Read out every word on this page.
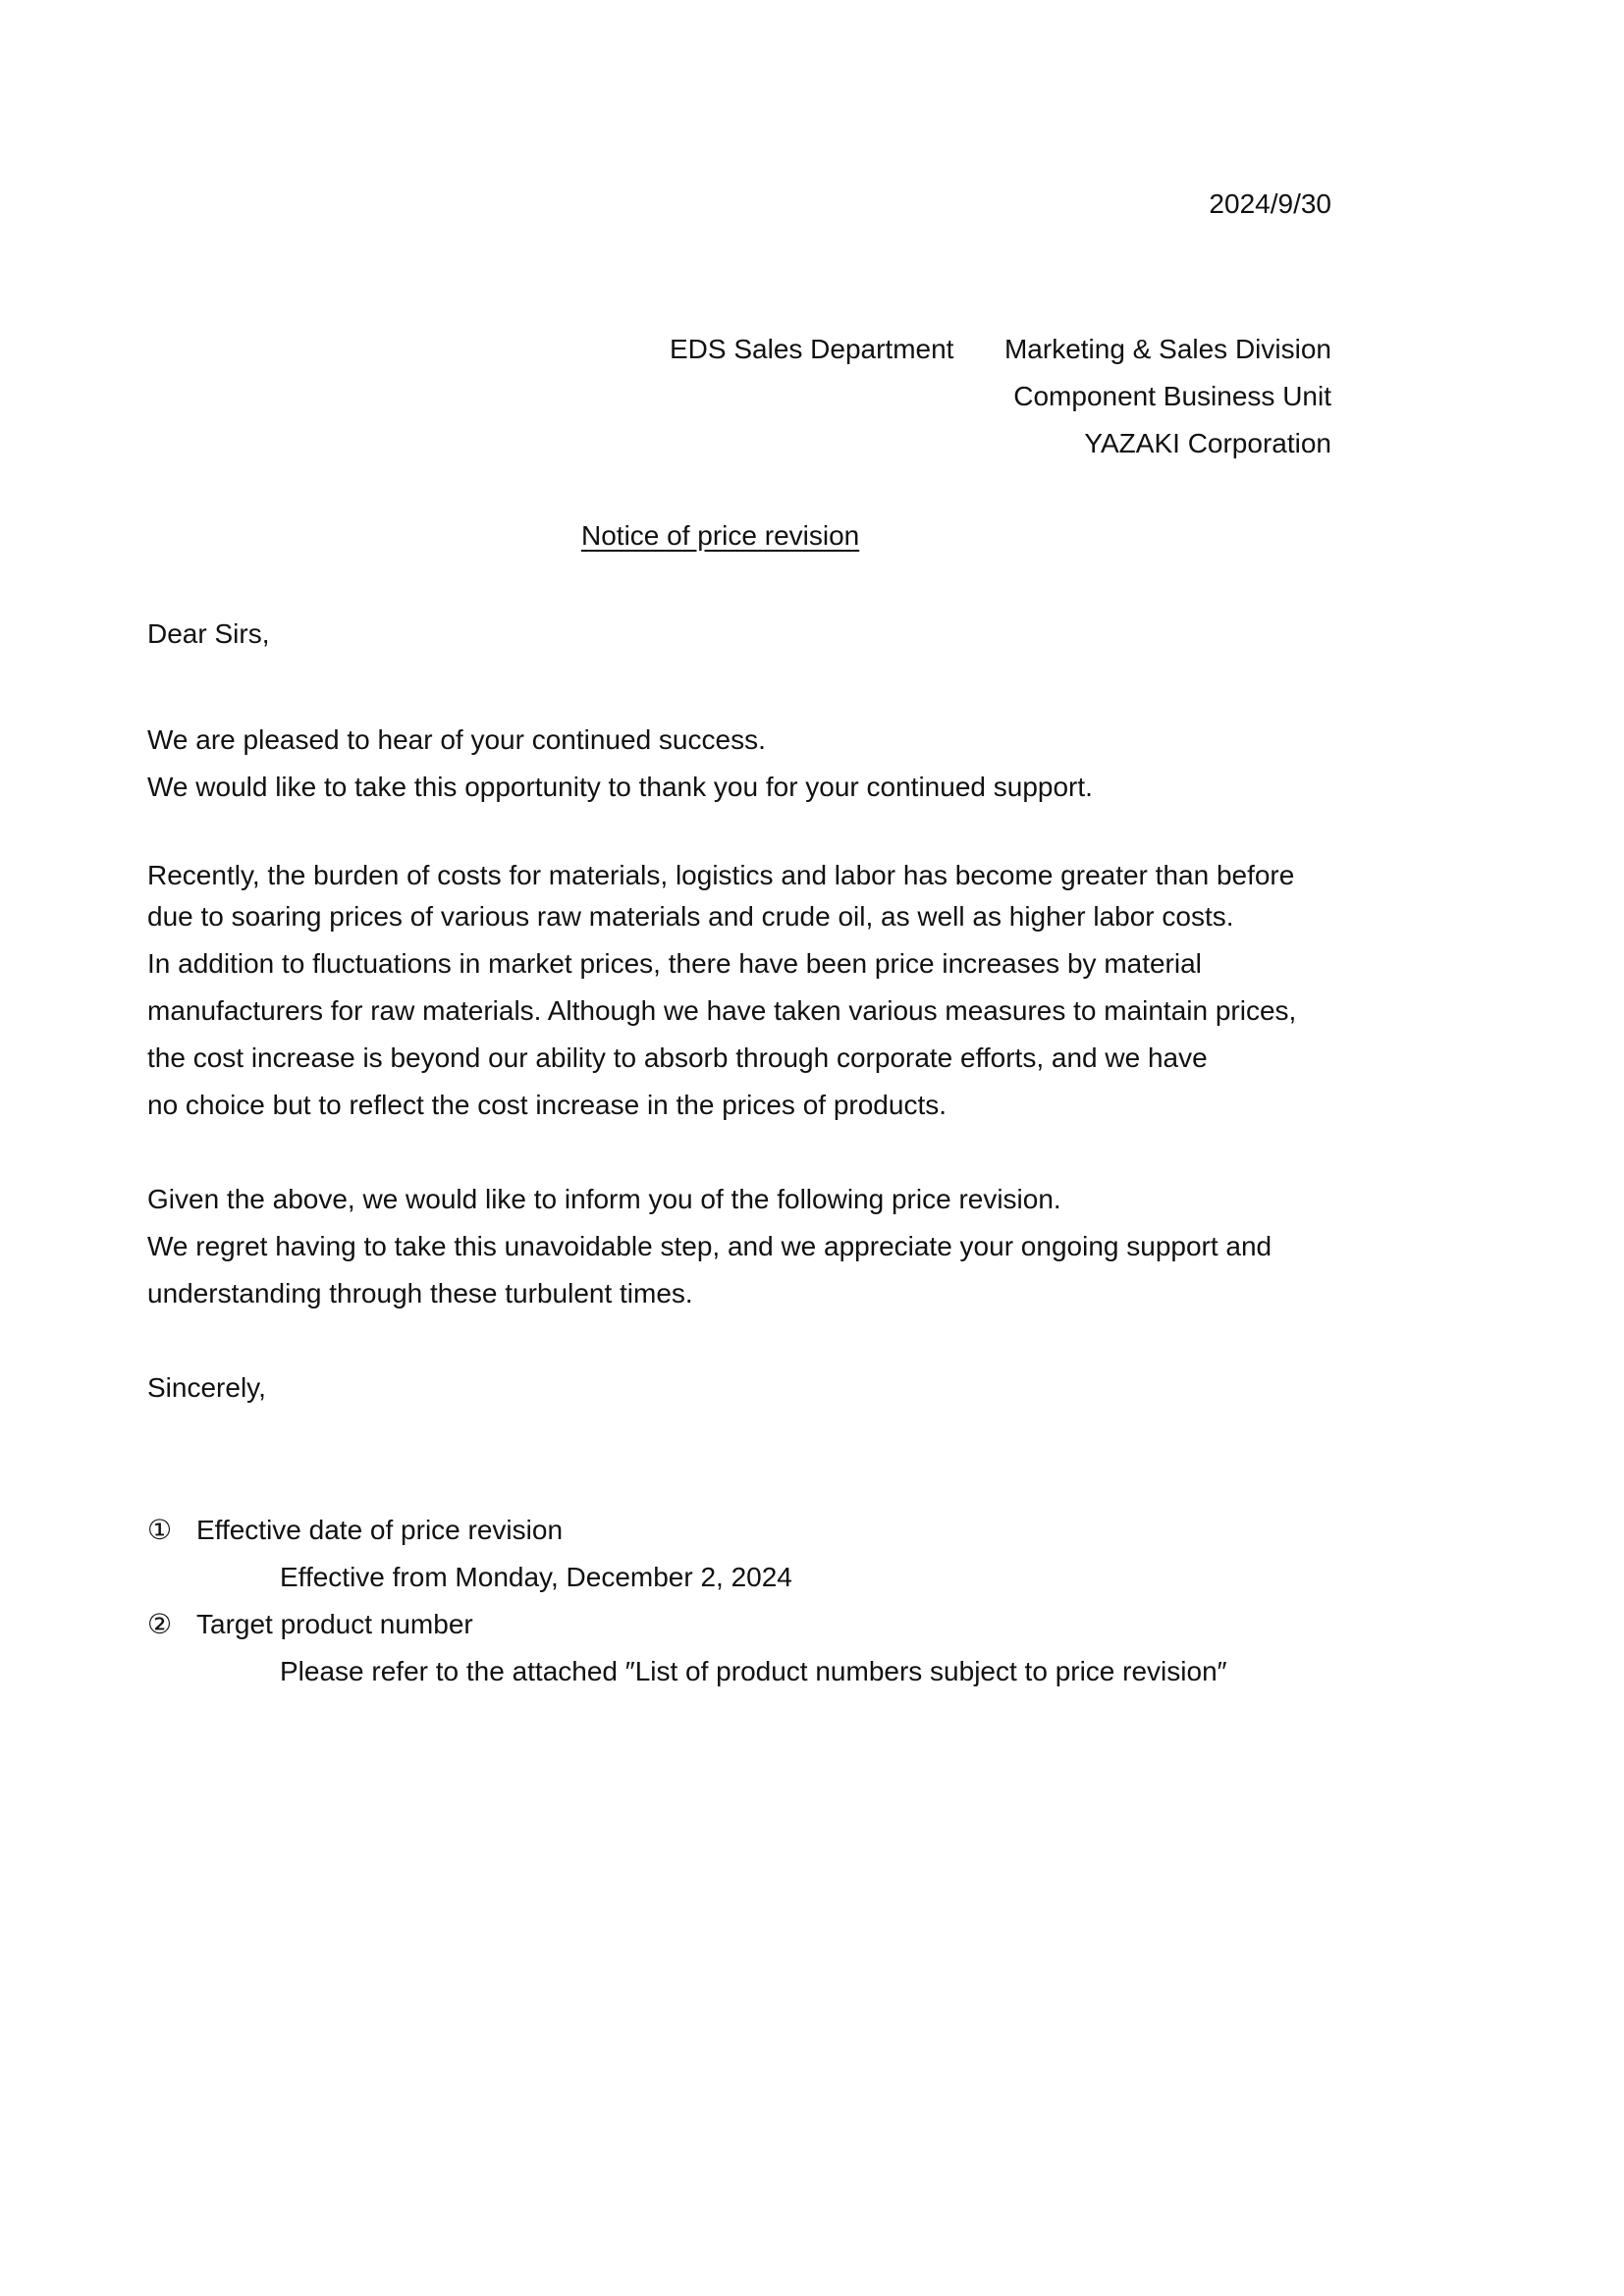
2024/9/30
EDS Sales Department Marketing & Sales Division
Component Business Unit
YAZAKI Corporation
Notice of price revision
Dear Sirs,
We are pleased to hear of your continued success.
We would like to take this opportunity to thank you for your continued support.
Recently, the burden of costs for materials, logistics and labor has become greater than before
due to soaring prices of various raw materials and crude oil, as well as higher labor costs.
In addition to fluctuations in market prices, there have been price increases by material
manufacturers for raw materials. Although we have taken various measures to maintain prices,
the cost increase is beyond our ability to absorb through corporate efforts, and we have
no choice but to reflect the cost increase in the prices of products.
Given the above, we would like to inform you of the following price revision.
We regret having to take this unavoidable step, and we appreciate your ongoing support and
understanding through these turbulent times.
Sincerely,
① Effective date of price revision
Effective from Monday, December 2, 2024
② Target product number
Please refer to the attached ″List of product numbers subject to price revision″
